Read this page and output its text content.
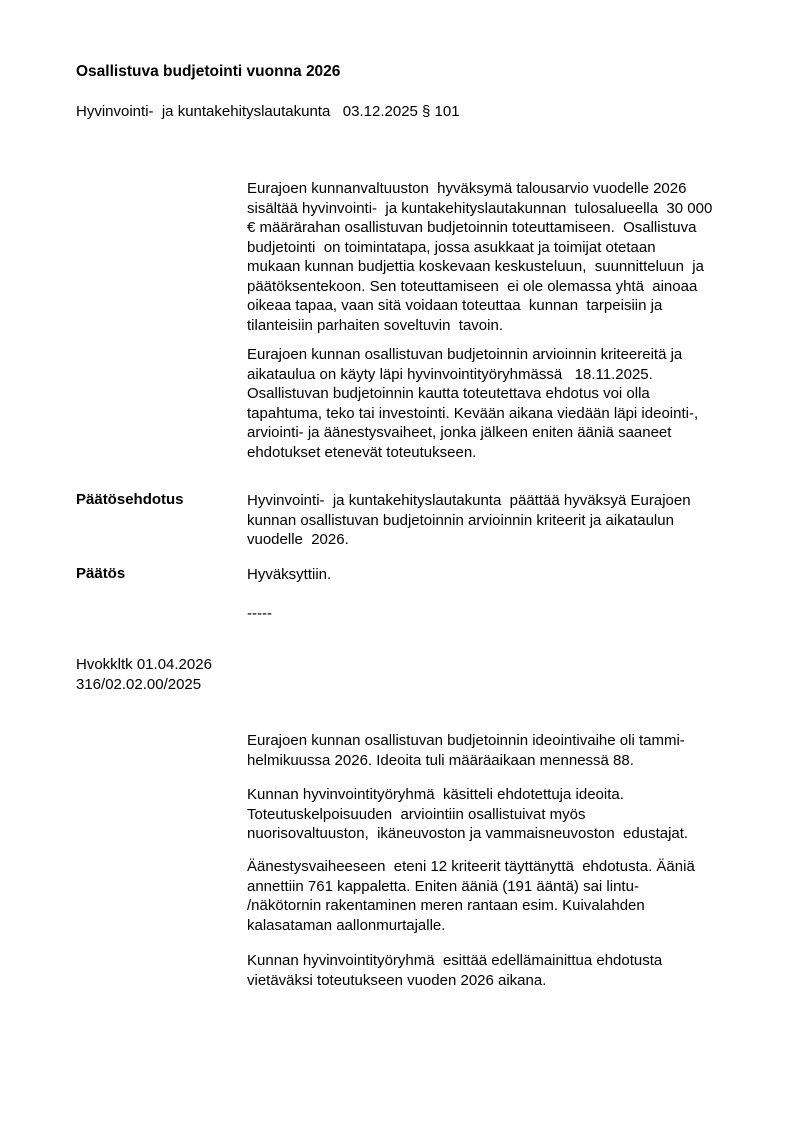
Osallistuva budjetointi vuonna 2026
Hyvinvointi-  ja kuntakehityslautakunta   03.12.2025 § 101
Eurajoen kunnanvaltuuston  hyväksymä talousarvio vuodelle 2026
sisältää hyvinvointi-  ja kuntakehityslautakunnan  tulosalueella  30 000
€ määrärahan osallistuvan budjetoinnin toteuttamiseen.  Osallistuva
budjetointi  on toimintatapa, jossa asukkaat ja toimijat otetaan
mukaan kunnan budjettia koskevaan keskusteluun,  suunnitteluun  ja
päätöksentekoon. Sen toteuttamiseen  ei ole olemassa yhtä  ainoaa
oikeaa tapaa, vaan sitä voidaan toteuttaa  kunnan  tarpeisiin ja
tilanteisiin parhaiten soveltuvin  tavoin.
Eurajoen kunnan osallistuvan budjetoinnin arvioinnin kriteereitä ja
aikataulua on käyty läpi hyvinvointityöryhmässä   18.11.2025.
Osallistuvan budjetoinnin kautta toteutettava ehdotus voi olla
tapahtuma, teko tai investointi. Kevään aikana viedään läpi ideointi-,
arviointi- ja äänestysvaiheet, jonka jälkeen eniten ääniä saaneet
ehdotukset etenevät toteutukseen.
Päätösehdotus	Hyvinvointi-  ja kuntakehityslautakunta  päättää hyväksyä Eurajoen
kunnan osallistuvan budjetoinnin arvioinnin kriteerit ja aikataulun
vuodelle  2026.
Päätös	Hyväksyttiin.
-----
Hvokkltk 01.04.2026
316/02.02.00/2025
Eurajoen kunnan osallistuvan budjetoinnin ideointivaihe oli tammi-
helmikuussa 2026. Ideoita tuli määräaikaan mennessä 88.
Kunnan hyvinvointityöryhmä  käsitteli ehdotettuja ideoita.
Toteutuskelpoisuuden  arviointiin osallistuivat myös
nuorisovaltuuston,  ikäneuvoston ja vammaisneuvoston  edustajat.
Äänestysvaiheeseen  eteni 12 kriteerit täyttänyttä  ehdotusta. Ääniä
annettiin 761 kappaletta. Eniten ääniä (191 ääntä) sai lintu-
/näkötornin rakentaminen meren rantaan esim. Kuivalahden
kalasataman aallonmurtajalle.
Kunnan hyvinvointityöryhmä  esittää edellämainittua ehdotusta
vietäväksi toteutukseen vuoden 2026 aikana.
